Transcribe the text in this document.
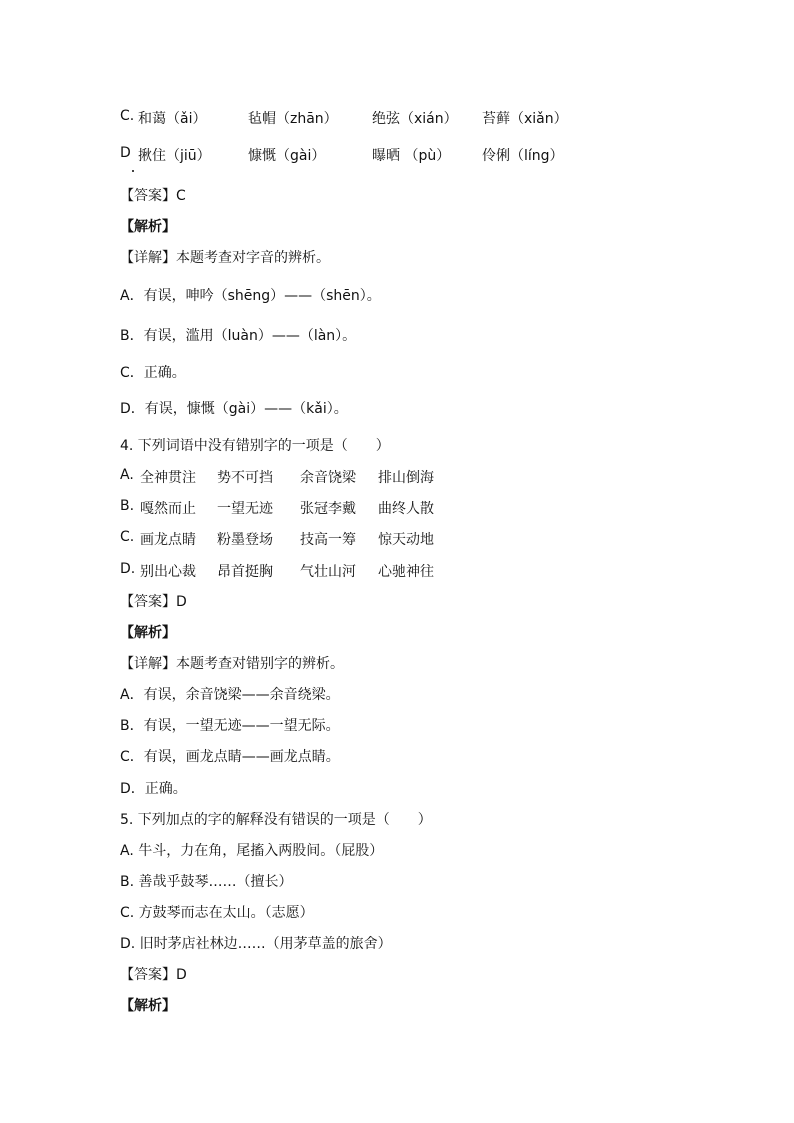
C. 和蔼（ǎi）	毡帽（zhān） 绝弦（xián） 苔藓（xiǎn）
D 揪住（jiū）	慷慨（gài）	曝晒 （pù） 伶俐（líng）
【答案】C
【解析】
【详解】本题考查对字音的辨析。
A．有误，呻吟（shēng）——（shēn）。
B．有误，滥用（luàn）——（làn）。
C．正确。
D．有误，慷慨（gài）——（kǎi）。
4. 下列词语中没有错别字的一项是（　　）
A. 全神贯注 势不可挡 余音饶梁 排山倒海
B. 嘎然而止 一望无迹 张冠李戴 曲终人散
C. 画龙点睛 粉墨登场 技高一筹 惊天动地
D. 别出心裁 昂首挺胸 气壮山河 心驰神往
【答案】D
【解析】
【详解】本题考查对错别字的辨析。
A．有误，余音饶梁——余音绕梁。
B．有误，一望无迹——一望无际。
C．有误，画龙点睛——画龙点睛。
D．正确。
5. 下列加点的字的解释没有错误的一项是（　　）
A. 牛斗，力在角，尾搐入两股间。（屁股）
B. 善哉乎鼓琴……（擅长）
C. 方鼓琴而志在太山。（志愿）
D. 旧时茅店社林边……（用茅草盖的旅舍）
【答案】D
【解析】
